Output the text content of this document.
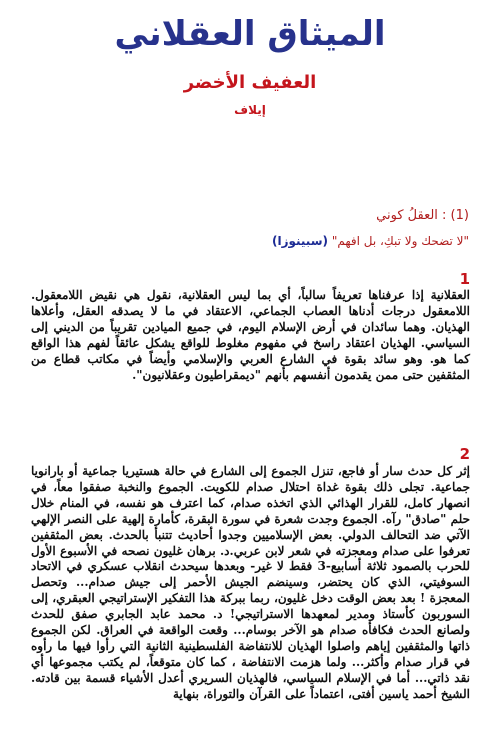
الميثاق العقلاني
العفيف الأخضر
إيلاف
(1) : العقلُ كوني
"لا تضحك ولا تبكِ، بل افهم" (سبينوزا)
1
العقلانية إذا عرفناها تعريفاً سالباً، أي بما ليس العقلانية، نقول هي نقيض اللامعقول. اللامعقول درجات أدناها العصاب الجماعي، الاعتقاد في ما لا يصدقه العقل، وأعلاها الهذيان. وهما سائدان في أرض الإسلام اليوم، في جميع الميادين تقريباً من الديني إلى السياسي. الهذيان اعتقاد راسخ في مفهوم مغلوط للواقع يشكل عائقاً لفهم هذا الواقع كما هو. وهو سائد بقوة في الشارع العربي والإسلامي وأيضاً في مكاتب قطاع من المثقفين حتى ممن يقدمون أنفسهم بأنهم "ديمقراطيون وعقلانيون".
2
إثر كل حدث سار أو فاجع، تنزل الجموع إلى الشارع في حالة هستيريا جماعية أو بارانويا جماعية. تجلى ذلك بقوة غداة احتلال صدام للكويت. الجموع والنخبة صفقوا معاً، في انصهار كامل، للقرار الهذائي الذي اتخذه صدام، كما اعترف هو نفسه، في المنام خلال حلم "صادق" رآه. الجموع وجدت شعرة في سورة البقرة، كأمارة إلهية على النصر الإلهي الآتي ضد التحالف الدولي. بعض الإسلاميين وجدوا أحاديث تتنبأ بالحدث. بعض المثقفين تعرفوا على صدام ومعجزته في شعر لابن عربي.د. برهان غليون نصحه في الأسبوع الأول للحرب بالصمود ثلاثة أسابيع-3 فقط لا غير- وبعدها سيحدث انقلاب عسكري في الاتحاد السوفيتي، الذي كان يحتضر، وسينضم الجيش الأحمر إلى جيش صدام... وتحصل المعجزة ! بعد بعض الوقت دخل غليون، ربما ببركة هذا التفكير الإستراتيجي العبقري، إلى السوربون كأستاذ ومدير لمعهدها الاستراتيجي! د. محمد عابد الجابري صفق للحدث ولصانع الحدث فكافأه صدام هو الآخر بوسام... وقعت الواقعة في العراق. لكن الجموع ذاتها والمثقفين إياهم واصلوا الهذيان للانتفاضة الفلسطينية الثانية التي رأوا فيها ما رأوه في قرار صدام وأكثر... ولما هزمت الانتفاضة ، كما كان متوقعاً، لم يكتب مجموعها أي نقد ذاتي... أما في الإسلام السياسي، فالهذيان السريري أعدل الأشياء قسمة بين قادته. الشيخ أحمد ياسين أفتى، اعتماداً على القرآن والتوراة، بنهاية
